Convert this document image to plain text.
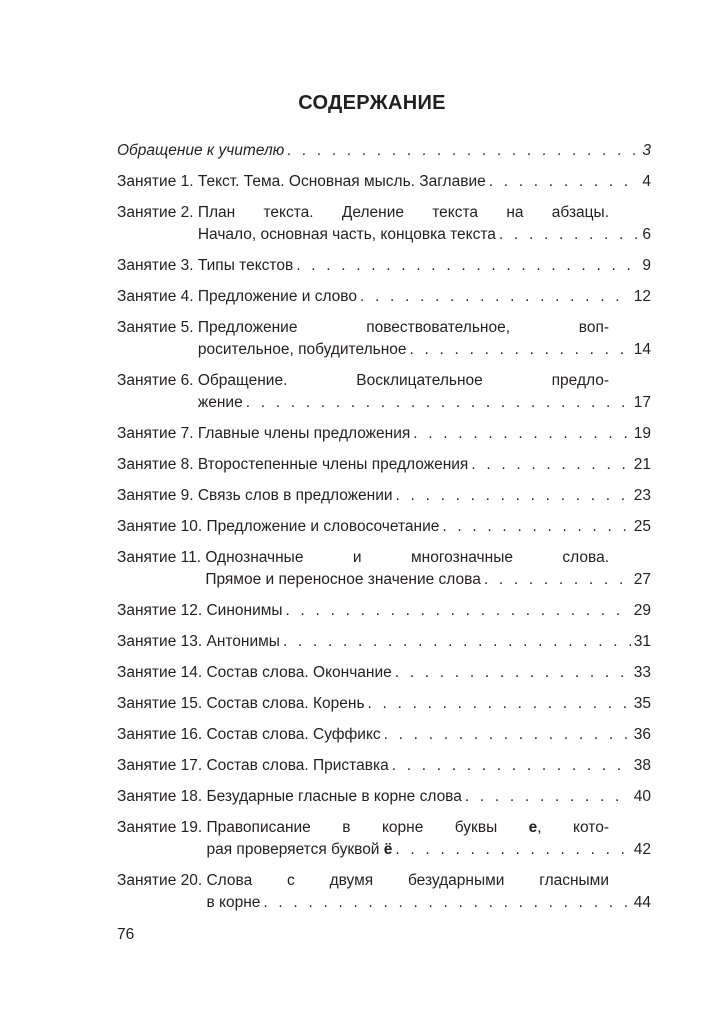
СОДЕРЖАНИЕ
Обращение к учителю . . .	3
Занятие 1. Текст. Тема. Основная мысль. Заглавие . . .	4
Занятие 2. План текста. Деление текста на абзацы.
Начало, основная часть, концовка текста . . .	6
Занятие 3. Типы текстов . . .	9
Занятие 4. Предложение и слово . . .	12
Занятие 5. Предложение повествовательное, воп-
росительное, побудительное . . .	14
Занятие 6. Обращение. Восклицательное предло-
жение . . .	17
Занятие 7. Главные члены предложения . . .	19
Занятие 8. Второстепенные члены предложения . . .	21
Занятие 9. Связь слов в предложении . . .	23
Занятие 10. Предложение и словосочетание . . .	25
Занятие 11. Однозначные и многозначные слова.
Прямое и переносное значение слова . . .	27
Занятие 12. Синонимы . . .	29
Занятие 13. Антонимы . . .	31
Занятие 14. Состав слова. Окончание . . .	33
Занятие 15. Состав слова. Корень . . .	35
Занятие 16. Состав слова. Суффикс . . .	36
Занятие 17. Состав слова. Приставка . . .	38
Занятие 18. Безударные гласные в корне слова . . .	40
Занятие 19. Правописание в корне буквы е, кото-
рая проверяется буквой ё . . .	42
Занятие 20. Слова с двумя безударными гласными
в корне . . .	44
76
